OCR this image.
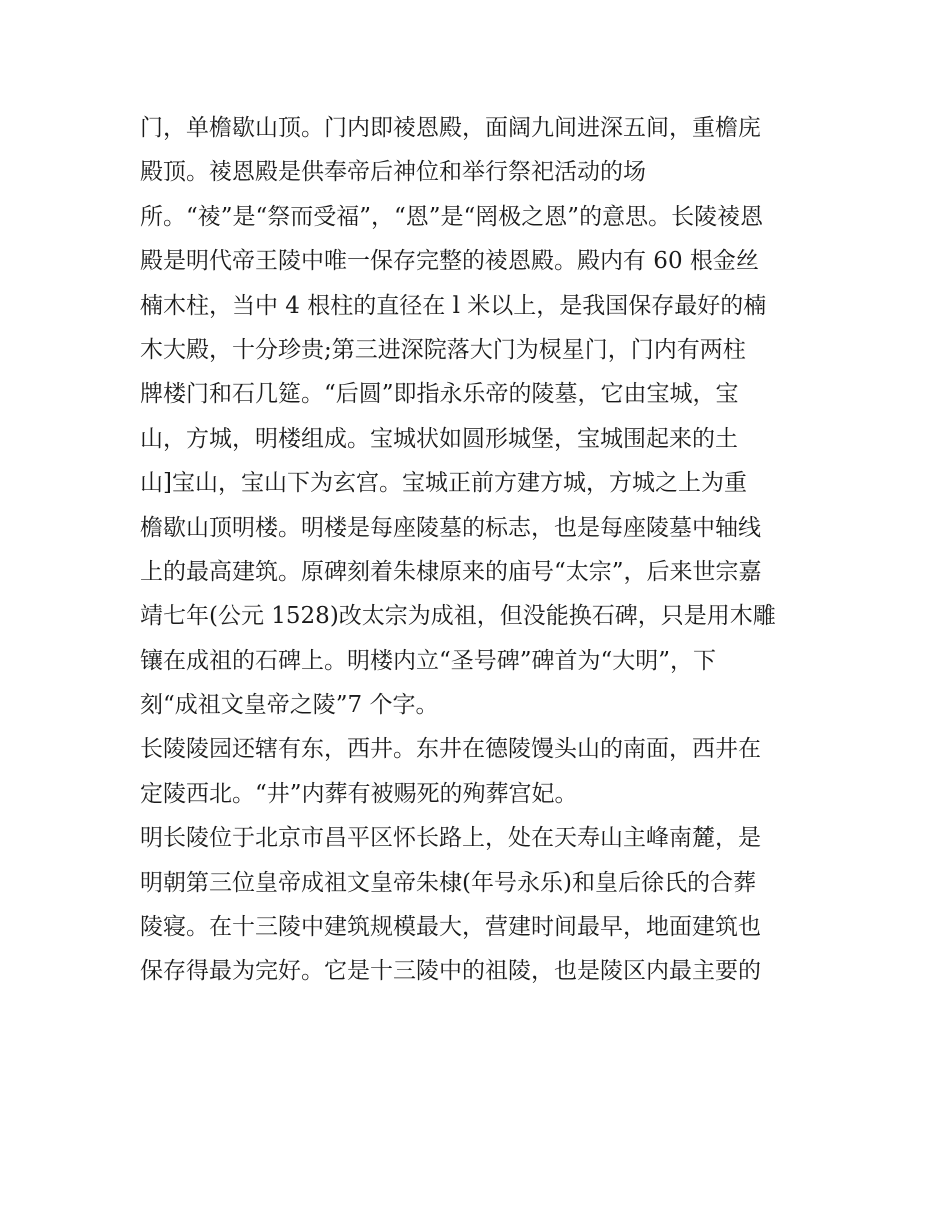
门，单檐歇山顶。门内即祾恩殿，面阔九间进深五间，重檐庑
殿顶。祾恩殿是供奉帝后神位和举行祭祀活动的场
所。“祾”是“祭而受福”，“恩”是“罔极之恩”的意思。长陵祾恩
殿是明代帝王陵中唯一保存完整的祾恩殿。殿内有 60 根金丝
楠木柱，当中 4 根柱的直径在 l 米以上，是我国保存最好的楠
木大殿，十分珍贵;第三进深院落大门为棂星门，门内有两柱
牌楼门和石几筵。“后圆”即指永乐帝的陵墓，它由宝城，宝
山，方城，明楼组成。宝城状如圆形城堡，宝城围起来的土
山]宝山，宝山下为玄宫。宝城正前方建方城，方城之上为重
檐歇山顶明楼。明楼是每座陵墓的标志，也是每座陵墓中轴线
上的最高建筑。原碑刻着朱棣原来的庙号“太宗”，后来世宗嘉
靖七年(公元 1528)改太宗为成祖，但没能换石碑，只是用木雕
镶在成祖的石碑上。明楼内立“圣号碑”碑首为“大明”，下
刻“成祖文皇帝之陵”7 个字。
长陵陵园还辖有东，西井。东井在德陵馒头山的南面，西井在
定陵西北。“井”内葬有被赐死的殉葬宫妃。
明长陵位于北京市昌平区怀长路上，处在天寿山主峰南麓，是
明朝第三位皇帝成祖文皇帝朱棣(年号永乐)和皇后徐氏的合葬
陵寝。在十三陵中建筑规模最大，营建时间最早，地面建筑也
保存得最为完好。它是十三陵中的祖陵，也是陵区内最主要的
